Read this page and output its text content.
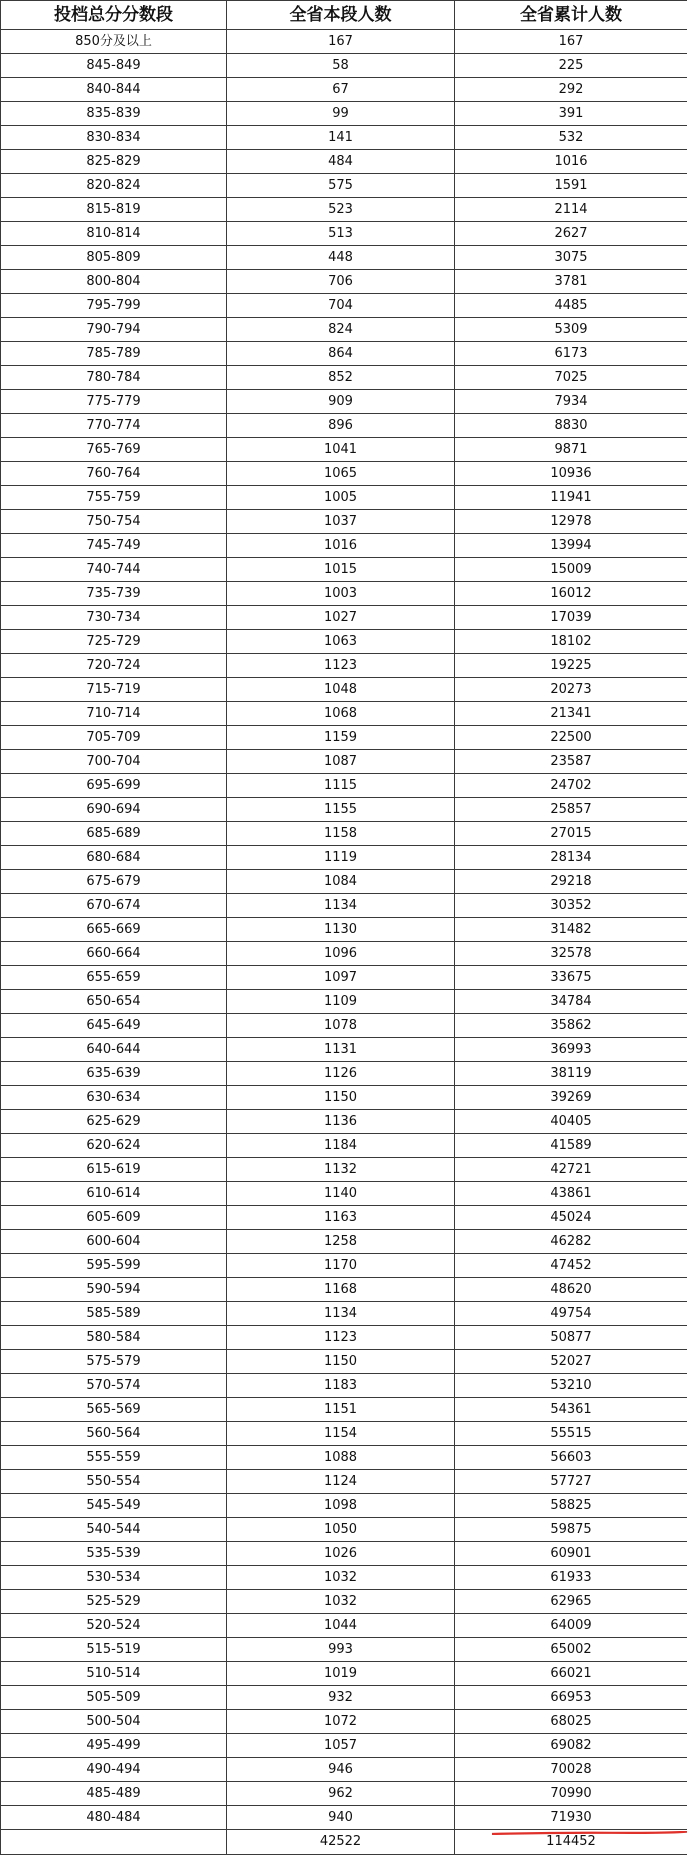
投档总分分数段	全省本段人数	全省累计人数
850分及以上	167	167
845-849	58	225
840-844	67	292
835-839	99	391
830-834	141	532
825-829	484	1016
820-824	575	1591
815-819	523	2114
810-814	513	2627
805-809	448	3075
800-804	706	3781
795-799	704	4485
790-794	824	5309
785-789	864	6173
780-784	852	7025
775-779	909	7934
770-774	896	8830
765-769	1041	9871
760-764	1065	10936
755-759	1005	11941
750-754	1037	12978
745-749	1016	13994
740-744	1015	15009
735-739	1003	16012
730-734	1027	17039
725-729	1063	18102
720-724	1123	19225
715-719	1048	20273
710-714	1068	21341
705-709	1159	22500
700-704	1087	23587
695-699	1115	24702
690-694	1155	25857
685-689	1158	27015
680-684	1119	28134
675-679	1084	29218
670-674	1134	30352
665-669	1130	31482
660-664	1096	32578
655-659	1097	33675
650-654	1109	34784
645-649	1078	35862
640-644	1131	36993
635-639	1126	38119
630-634	1150	39269
625-629	1136	40405
620-624	1184	41589
615-619	1132	42721
610-614	1140	43861
605-609	1163	45024
600-604	1258	46282
595-599	1170	47452
590-594	1168	48620
585-589	1134	49754
580-584	1123	50877
575-579	1150	52027
570-574	1183	53210
565-569	1151	54361
560-564	1154	55515
555-559	1088	56603
550-554	1124	57727
545-549	1098	58825
540-544	1050	59875
535-539	1026	60901
530-534	1032	61933
525-529	1032	62965
520-524	1044	64009
515-519	993	65002
510-514	1019	66021
505-509	932	66953
500-504	1072	68025
495-499	1057	69082
490-494	946	70028
485-489	962	70990
480-484	940	71930
	42522	114452
